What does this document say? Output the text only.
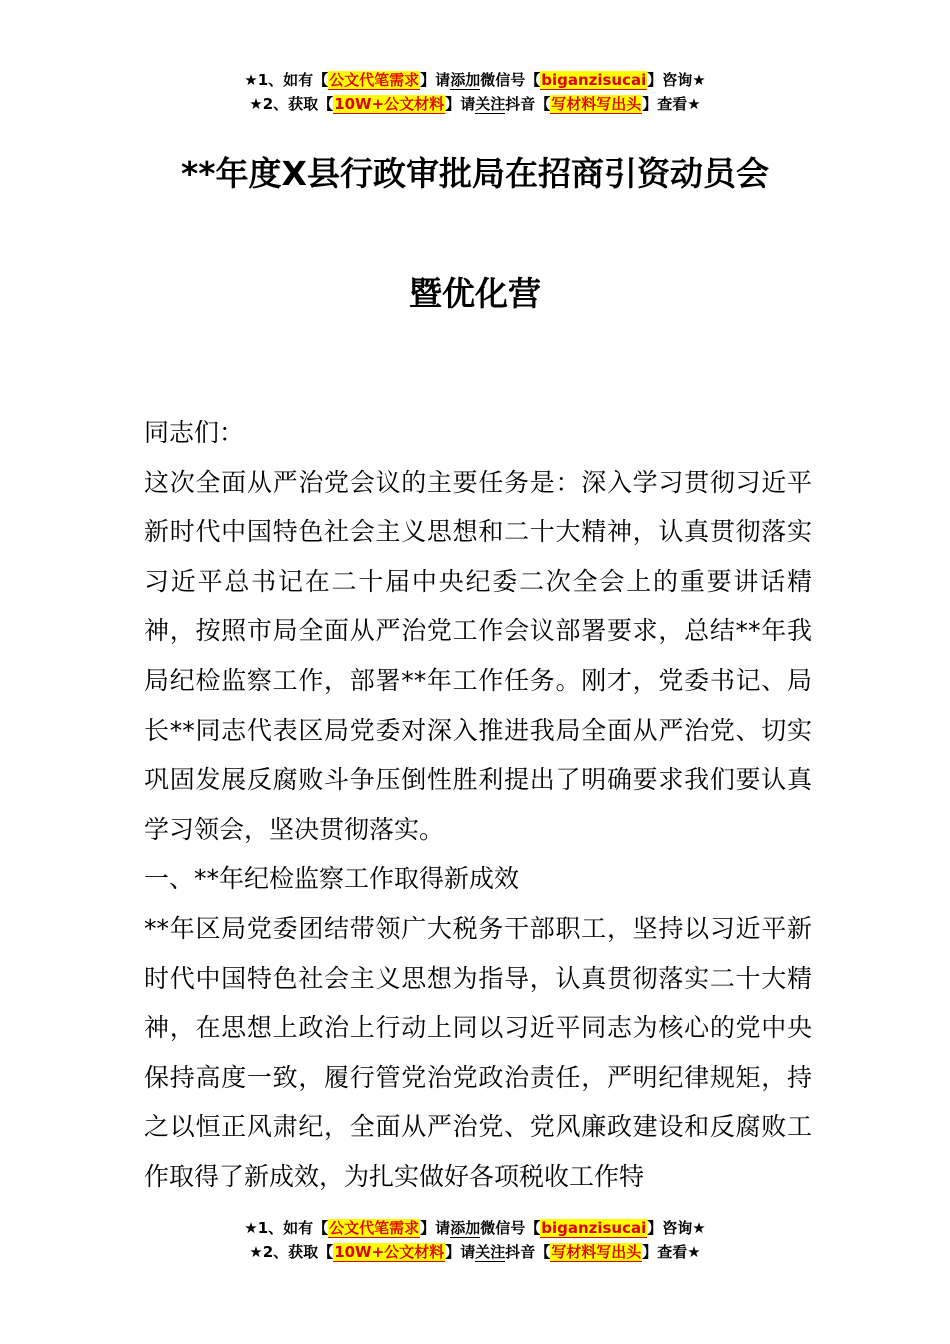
★1、如有【公文代笔需求】请添加微信号【biganzisucai】咨询★
★2、获取【10W+公文材料】请关注抖音【写材料写出头】查看★
**年度X县行政审批局在招商引资动员会
暨优化营

同志们：

这次全面从严治党会议的主要任务是：深入学习贯彻习近平新时代中国特色社会主义思想和二十大精神，认真贯彻落实习近平总书记在二十届中央纪委二次全会上的重要讲话精神，按照市局全面从严治党工作会议部署要求，总结**年我局纪检监察工作，部署**年工作任务。刚才，党委书记、局长**同志代表区局党委对深入推进我局全面从严治党、切实巩固发展反腐败斗争压倒性胜利提出了明确要求我们要认真学习领会，坚决贯彻落实。

一、**年纪检监察工作取得新成效

**年区局党委团结带领广大税务干部职工，坚持以习近平新时代中国特色社会主义思想为指导，认真贯彻落实二十大精神，在思想上政治上行动上同以习近平同志为核心的党中央保持高度一致，履行管党治党政治责任，严明纪律规矩，持之以恒正风肃纪，全面从严治党、党风廉政建设和反腐败工作取得了新成效，为扎实做好各项税收工作特

★1、如有【公文代笔需求】请添加微信号【biganzisucai】咨询★
★2、获取【10W+公文材料】请关注抖音【写材料写出头】查看★
